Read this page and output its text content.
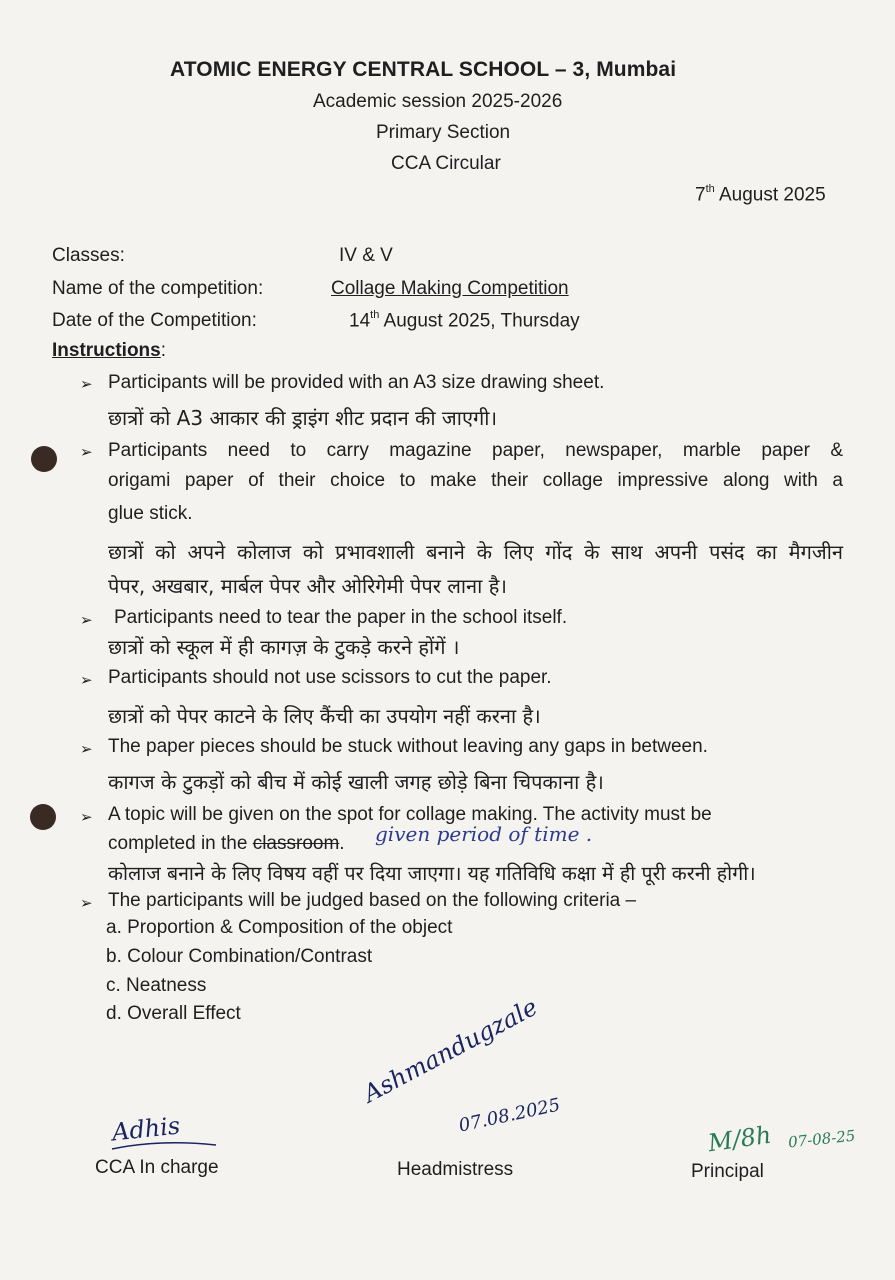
ATOMIC ENERGY CENTRAL SCHOOL – 3, Mumbai
Academic session 2025-2026
Primary Section
CCA Circular
7th August 2025
Classes:	IV & V
Name of the competition:	Collage Making Competition
Date of the Competition:	14th August 2025, Thursday
Instructions:
➢ Participants will be provided with an A3 size drawing sheet.
छात्रों को A3 आकार की ड्राइंग शीट प्रदान की जाएगी।
➢ Participants need to carry magazine paper, newspaper, marble paper &
origami paper of their choice to make their collage impressive along with a
glue stick.
छात्रों को अपने कोलाज को प्रभावशाली बनाने के लिए गोंद के साथ अपनी पसंद का मैगजीन
पेपर, अखबार, मार्बल पेपर और ओरिगेमी पेपर लाना है।
➢ Participants need to tear the paper in the school itself.
छात्रों को स्कूल में ही कागज़ के टुकड़े करने होंगें ।
➢ Participants should not use scissors to cut the paper.
छात्रों को पेपर काटने के लिए कैंची का उपयोग नहीं करना है।
➢ The paper pieces should be stuck without leaving any gaps in between.
कागज के टुकड़ों को बीच में कोई खाली जगह छोड़े बिना चिपकाना है।
➢ A topic will be given on the spot for collage making. The activity must be
completed in the classroom. given period of time .
कोलाज बनाने के लिए विषय वहीं पर दिया जाएगा। यह गतिविधि कक्षा में ही पूरी करनी होगी।
➢ The participants will be judged based on the following criteria –
a. Proportion & Composition of the object
b. Colour Combination/Contrast
c. Neatness
d. Overall Effect
Adhis
CCA In charge
Ashmandugzale
07.08.2025
Headmistress
M/8h 07-08-25
Principal
